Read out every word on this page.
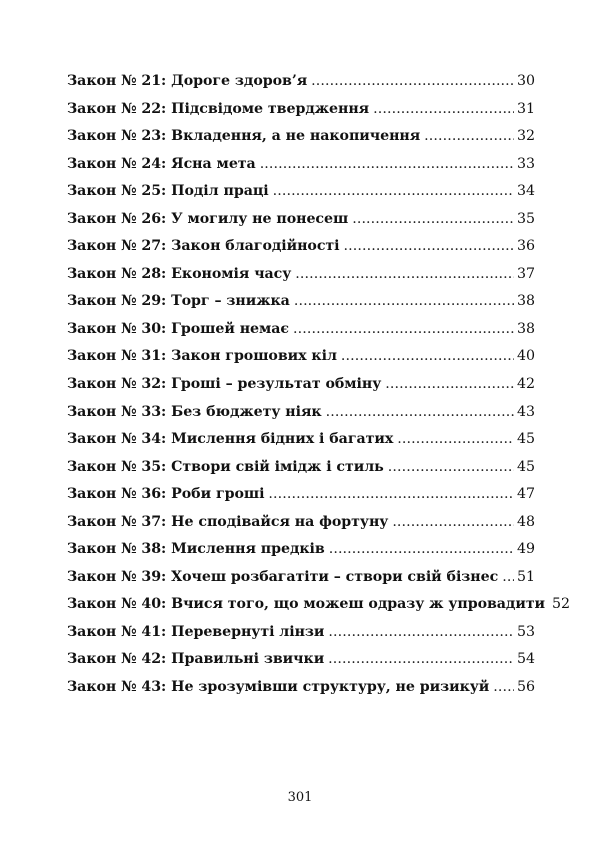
Закон № 21: Дороге здоров’я . . .	30
Закон № 22: Підсвідоме твердження . . .	31
Закон № 23: Вкладення, а не накопичення . . .	32
Закон № 24: Ясна мета . . .	33
Закон № 25: Поділ праці . . .	34
Закон № 26: У могилу не понесеш . . .	35
Закон № 27: Закон благодійності . . .	36
Закон № 28: Економія часу . . .	37
Закон № 29: Торг – знижка . . .	38
Закон № 30: Грошей немає . . .	38
Закон № 31: Закон грошових кіл . . .	40
Закон № 32: Гроші – результат обміну . . .	42
Закон № 33: Без бюджету ніяк . . .	43
Закон № 34: Мислення бідних і багатих . . .	45
Закон № 35: Створи свій імідж і стиль . . .	45
Закон № 36: Роби гроші . . .	47
Закон № 37: Не сподівайся на фортуну . . .	48
Закон № 38: Мислення предків . . .	49
Закон № 39: Хочеш розбагатіти – створи свій бізнес . . . 51
Закон № 40: Вчися того, що можеш одразу ж упровадити 52
Закон № 41: Перевернуті лінзи . . .	53
Закон № 42: Правильні звички . . .	54
Закон № 43: Не зрозумівши структуру, не ризикуй . . . 56
301
